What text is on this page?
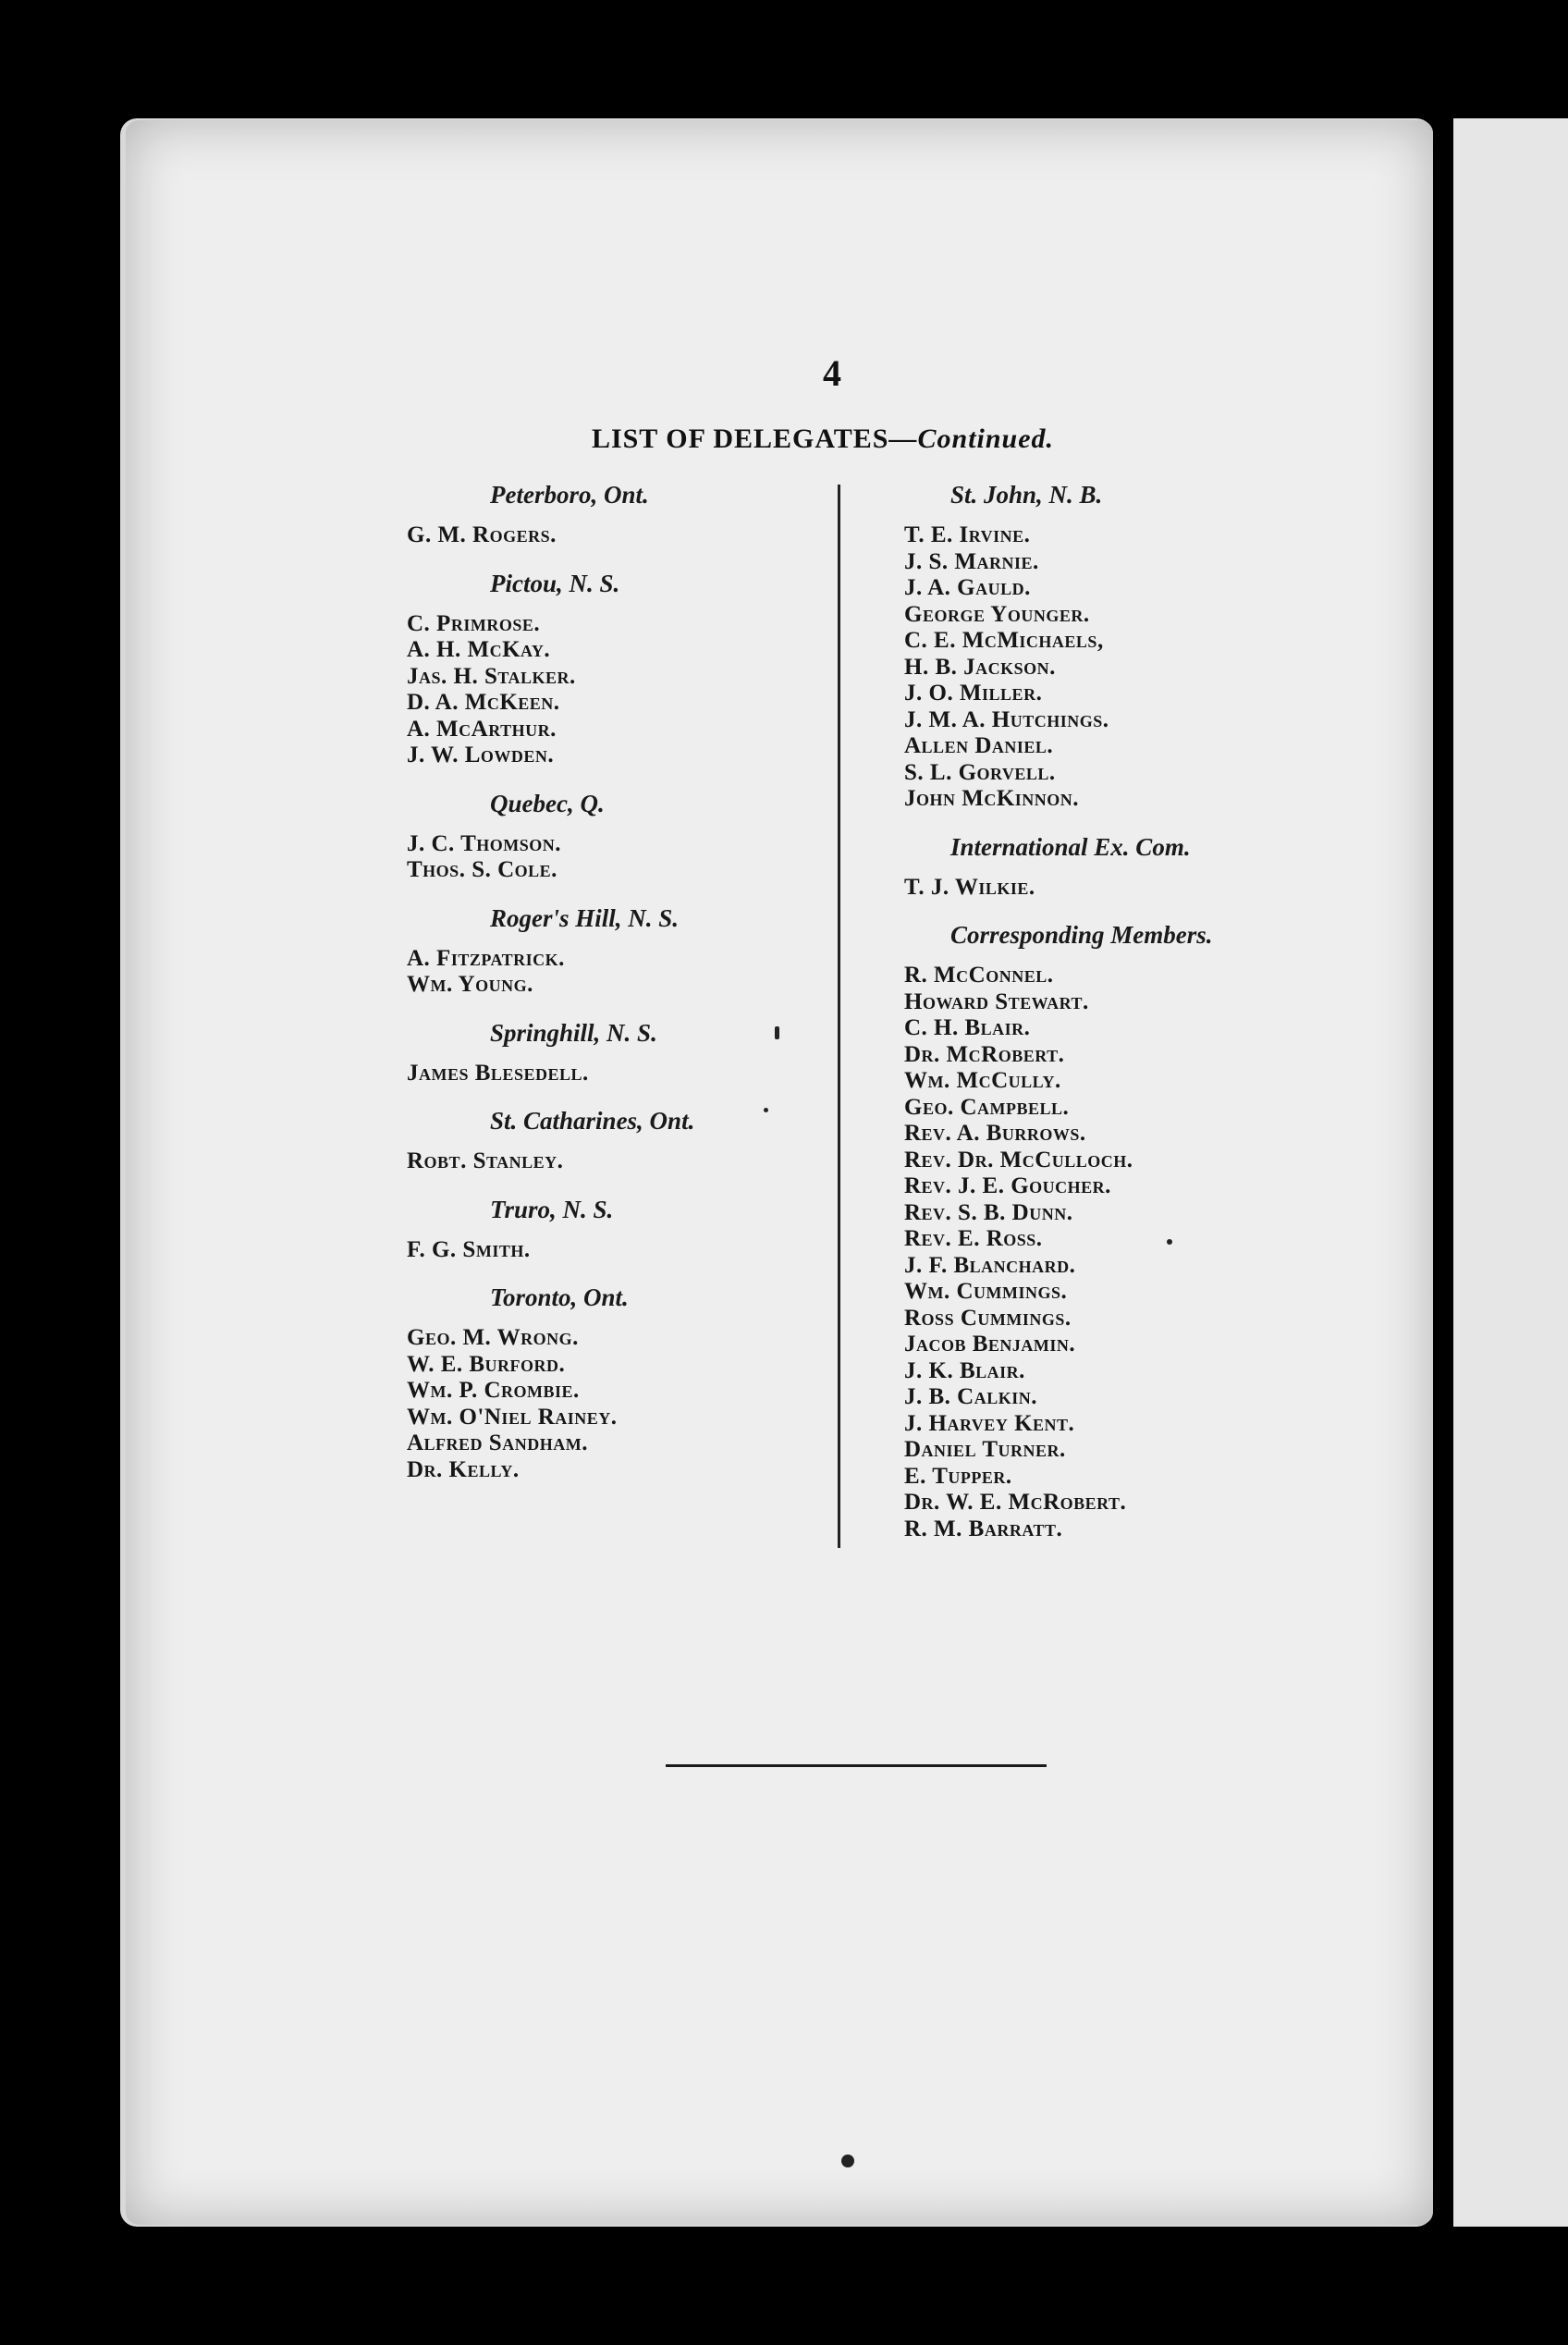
4
LIST OF DELEGATES—Continued.
Peterboro, Ont.
G. M. Rogers.
Pictou, N. S.
C. Primrose.
A. H. McKay.
Jas. H. Stalker.
D. A. McKeen.
A. McArthur.
J. W. Lowden.
Quebec, Q.
J. C. Thomson.
Thos. S. Cole.
Roger's Hill, N. S.
A. Fitzpatrick.
Wm. Young.
Springhill, N. S.
James Blesedell.
St. Catharines, Ont.
Robt. Stanley.
Truro, N. S.
F. G. Smith.
Toronto, Ont.
Geo. M. Wrong.
W. E. Burford.
Wm. P. Crombie.
Wm. O'Niel Rainey.
Alfred Sandham.
Dr. Kelly.
St. John, N. B.
T. E. Irvine.
J. S. Marnie.
J. A. Gauld.
George Younger.
C. E. McMichaels,
H. B. Jackson.
J. O. Miller.
J. M. A. Hutchings.
Allen Daniel.
S. L. Gorvell.
John McKinnon.
International Ex. Com.
T. J. Wilkie.
Corresponding Members.
R. McConnel.
Howard Stewart.
C. H. Blair.
Dr. McRobert.
Wm. McCully.
Geo. Campbell.
Rev. A. Burrows.
Rev. Dr. McCulloch.
Rev. J. E. Goucher.
Rev. S. B. Dunn.
Rev. E. Ross.
J. F. Blanchard.
Wm. Cummings.
Ross Cummings.
Jacob Benjamin.
J. K. Blair.
J. B. Calkin.
J. Harvey Kent.
Daniel Turner.
E. Tupper.
Dr. W. E. McRobert.
R. M. Barratt.
